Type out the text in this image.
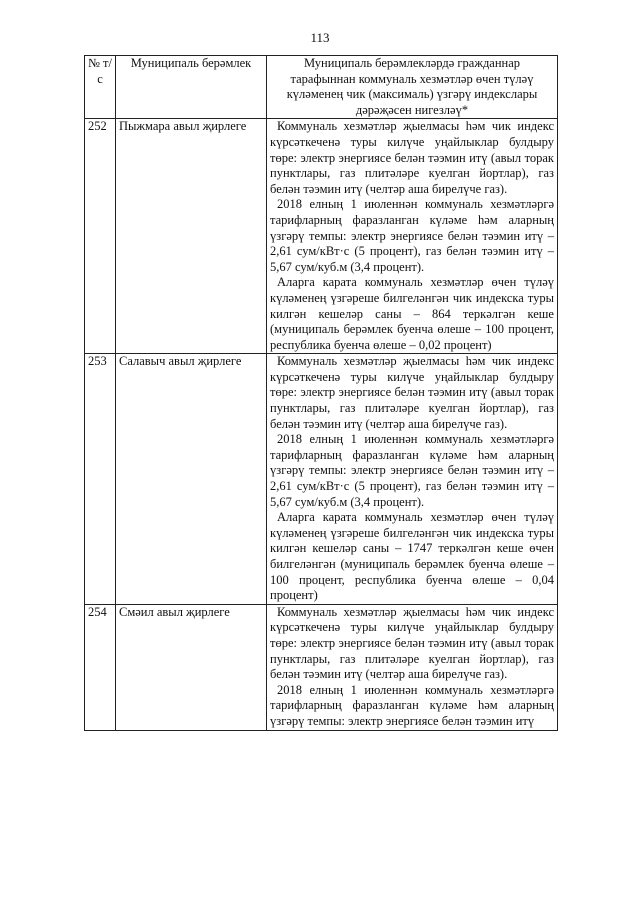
113
№ т/с	Муниципаль берәмлек	Муниципаль берәмлекләрдә гражданнар тарафыннан коммуналь хезмәтләр өчен түләү күләменең чик (максималь) үзгәрү индекслары дәрәҗәсен нигезләү*
252	Пыжмара авыл җирлеге	Коммуналь хезмәтләр җыелмасы һәм чик индекс күрсәткеченә туры килүче уңайлыклар булдыру төре: электр энергиясе белән тәэмин итү (авыл торак пунктлары, газ плитәләре куелган йортлар), газ белән тәэмин итү (челтәр аша бирелүче газ).

2018 елның 1 июленнән коммуналь хезмәтләргә тарифларның фаразланган күләме һәм аларның үзгәрү темпы: электр энергиясе белән тәэмин итү – 2,61 сум/кВт·с (5 процент), газ белән тәэмин итү – 5,67 сум/куб.м (3,4 процент).

Аларга карата коммуналь хезмәтләр өчен түләү күләменең үзгәреше билгеләнгән чик индекска туры килгән кешеләр саны – 864 теркәлгән кеше (муниципаль берәмлек буенча өлеше – 100 процент, республика буенча өлеше – 0,02 процент)

253	Салавыч авыл җирлеге	Коммуналь хезмәтләр җыелмасы һәм чик индекс күрсәткеченә туры килүче уңайлыклар булдыру төре: электр энергиясе белән тәэмин итү (авыл торак пунктлары, газ плитәләре куелган йортлар), газ белән тәэмин итү (челтәр аша бирелүче газ).

2018 елның 1 июленнән коммуналь хезмәтләргә тарифларның фаразланган күләме һәм аларның үзгәрү темпы: электр энергиясе белән тәэмин итү – 2,61 сум/кВт·с (5 процент), газ белән тәэмин итү – 5,67 сум/куб.м (3,4 процент).

Аларга карата коммуналь хезмәтләр өчен түләү күләменең үзгәреше билгеләнгән чик индекска туры килгән кешеләр саны – 1747 теркәлгән кеше өчен билгеләнгән (муниципаль берәмлек буенча өлеше – 100 процент, республика буенча өлеше – 0,04 процент)

254	Смәил авыл җирлеге	Коммуналь хезмәтләр җыелмасы һәм чик индекс күрсәткеченә туры килүче уңайлыклар булдыру төре: электр энергиясе белән тәэмин итү (авыл торак пунктлары, газ плитәләре куелган йортлар), газ белән тәэмин итү (челтәр аша бирелүче газ).

2018 елның 1 июленнән коммуналь хезмәтләргә тарифларның фаразланган күләме һәм аларның үзгәрү темпы: электр энергиясе белән тәэмин итү
